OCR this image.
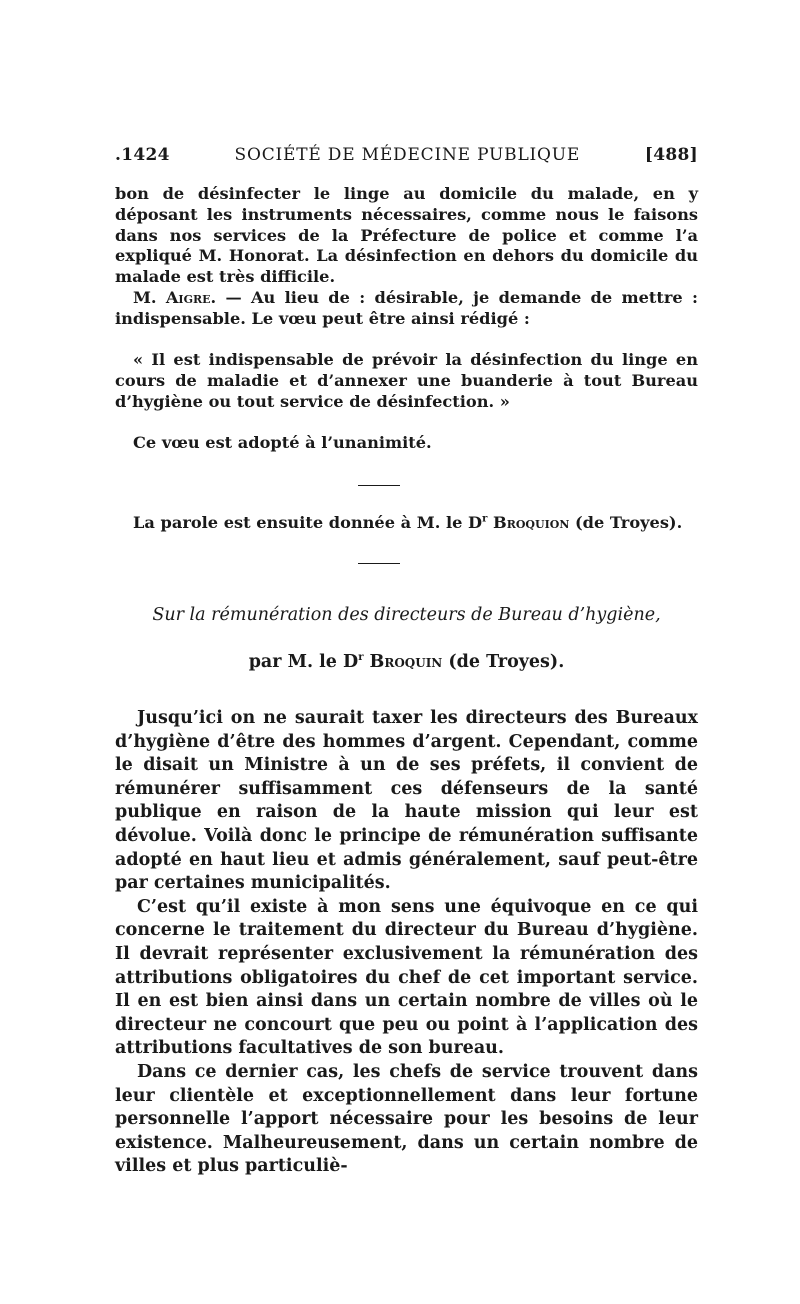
.1424	SOCIÉTÉ DE MÉDECINE PUBLIQUE	[488]

bon de désinfecter le linge au domicile du malade, en y déposant les instruments nécessaires, comme nous le faisons dans nos services de la Préfecture de police et comme l’a expliqué M. Honorat. La désinfection en dehors du domicile du malade est très difficile.

M. Aigre. — Au lieu de : désirable, je demande de mettre : indispensable. Le vœu peut être ainsi rédigé :

« Il est indispensable de prévoir la désinfection du linge en cours de maladie et d’annexer une buanderie à tout Bureau d’hygiène ou tout service de désinfection. »

Ce vœu est adopté à l’unanimité.

La parole est ensuite donnée à M. le $D^r$ Broquion (de Troyes).

Sur la rémunération des directeurs de Bureau d’hygiène,
par M. le $D^r$ Broquin (de Troyes).

Jusqu’ici on ne saurait taxer les directeurs des Bureaux d’hygiène d’être des hommes d’argent. Cependant, comme le disait un Ministre à un de ses préfets, il convient de rémunérer suffisamment ces défenseurs de la santé publique en raison de la haute mission qui leur est dévolue. Voilà donc le principe de rémunération suffisante adopté en haut lieu et admis généralement, sauf peut-être par certaines municipalités.

C’est qu’il existe à mon sens une équivoque en ce qui concerne le traitement du directeur du Bureau d’hygiène. Il devrait représenter exclusivement la rémunération des attributions obligatoires du chef de cet important service. Il en est bien ainsi dans un certain nombre de villes où le directeur ne concourt que peu ou point à l’application des attributions facultatives de son bureau.

Dans ce dernier cas, les chefs de service trouvent dans leur clientèle et exceptionnellement dans leur fortune personnelle l’apport nécessaire pour les besoins de leur existence. Malheureusement, dans un certain nombre de villes et plus particuliè-
